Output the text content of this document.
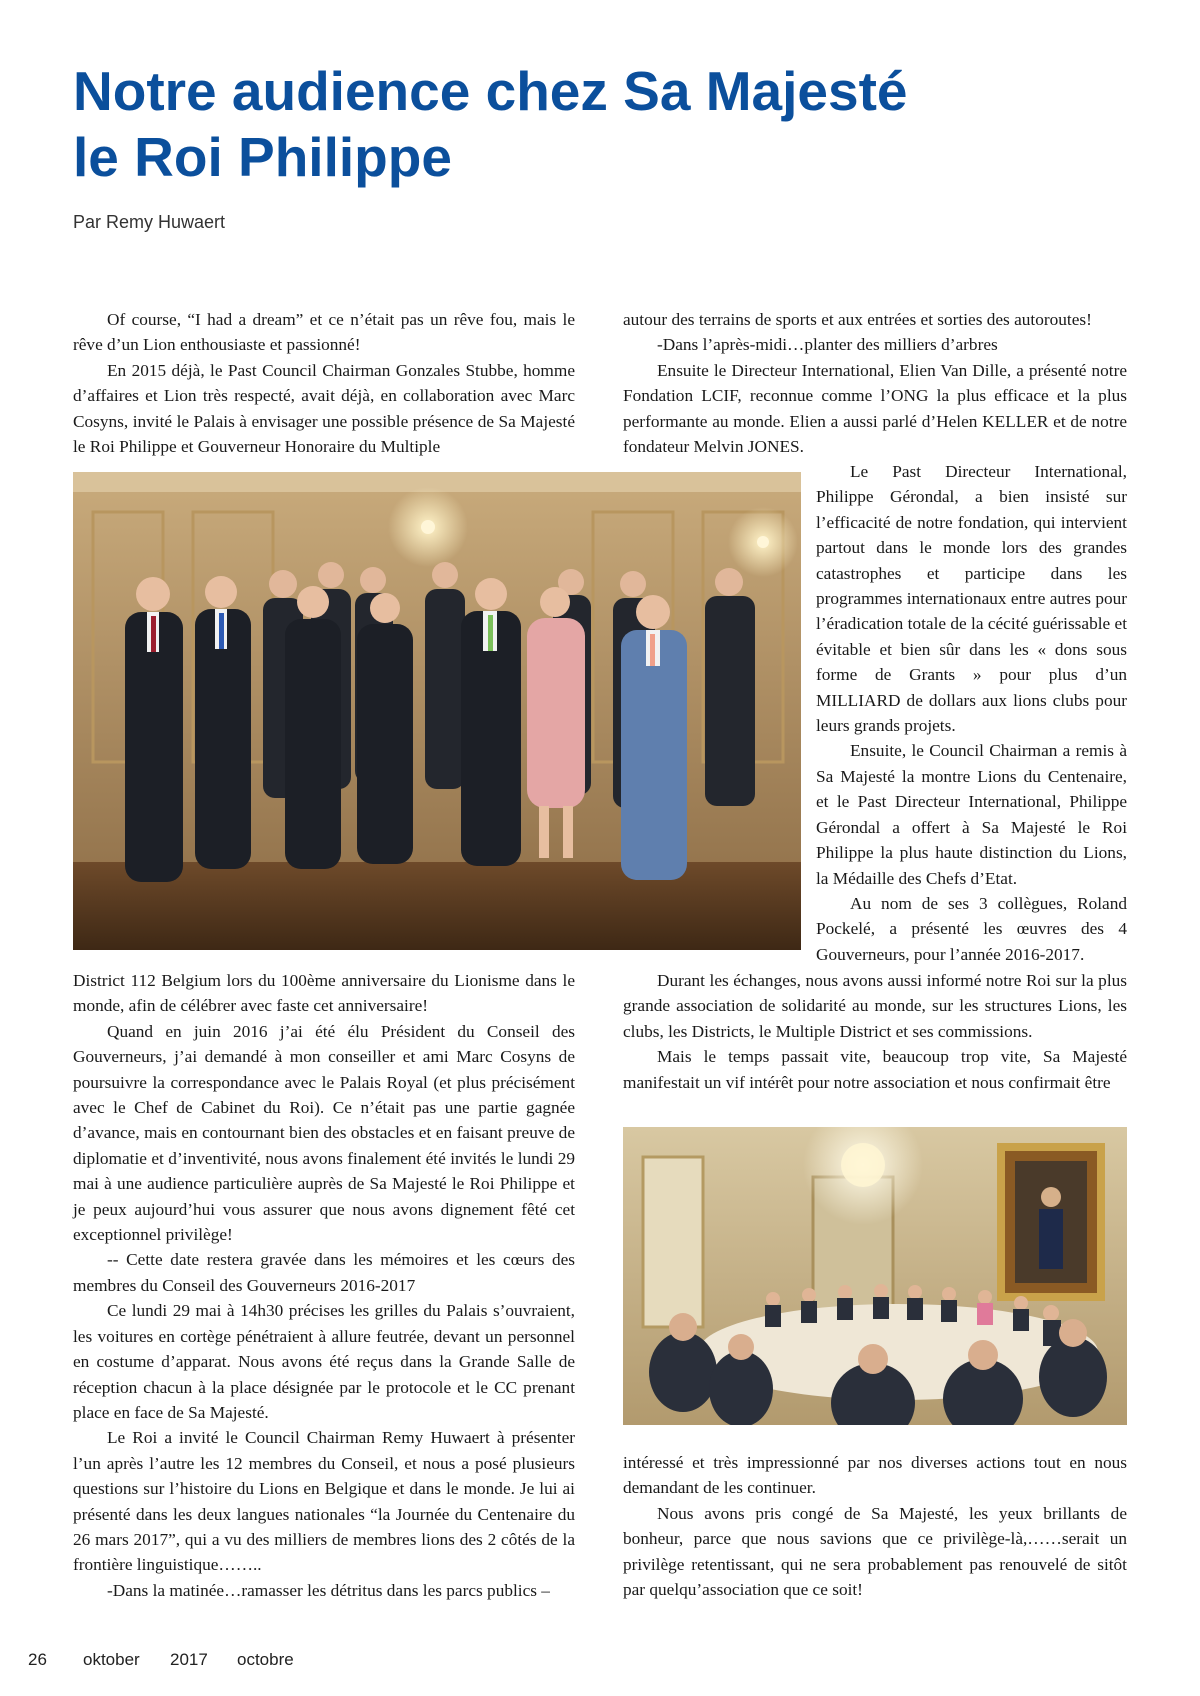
Notre audience chez Sa Majesté
le Roi Philippe

Par Remy Huwaert

Of course, “I had a dream” et ce n’était pas un rêve fou, mais le rêve d’un Lion enthousiaste et passionné!

En 2015 déjà, le Past Council Chairman Gonzales Stubbe, homme d’affaires et Lion très respecté, avait déjà, en collaboration avec Marc Cosyns, invité le Palais à envisager une possible présence de Sa Majesté le Roi Philippe et Gouverneur Honoraire du Multiple

District 112 Belgium lors du 100ème anniversaire du Lionisme dans le monde, afin de célébrer avec faste cet anniversaire!

Quand en juin 2016 j’ai été élu Président du Conseil des Gouverneurs, j’ai demandé à mon conseiller et ami Marc Cosyns de poursuivre la correspondance avec le Palais Royal (et plus précisément avec le Chef de Cabinet du Roi). Ce n’était pas une partie gagnée d’avance, mais en contournant bien des obstacles et en faisant preuve de diplomatie et d’inventivité, nous avons finalement été invités le lundi 29 mai à une audience particulière auprès de Sa Majesté le Roi Philippe et je peux aujourd’hui vous assurer que nous avons dignement fêté cet exceptionnel privilège!

-- Cette date restera gravée dans les mémoires et les cœurs des membres du Conseil des Gouverneurs 2016-2017

Ce lundi 29 mai à 14h30 précises les grilles du Palais s’ouvraient, les voitures en cortège pénétraient à allure feutrée, devant un personnel en costume d’apparat. Nous avons été reçus dans la Grande Salle de réception chacun à la place désignée par le protocole et le CC prenant place en face de Sa Majesté.

Le Roi a invité le Council Chairman Remy Huwaert à présenter l’un après l’autre les 12 membres du Conseil, et nous a posé plusieurs questions sur l’histoire du Lions en Belgique et dans le monde. Je lui ai présenté dans les deux langues nationales “la Journée du Centenaire du 26 mars 2017”, qui a vu des milliers de membres lions des 2 côtés de la frontière linguistique……..

-Dans la matinée…ramasser les détritus dans les parcs publics –

autour des terrains de sports et aux entrées et sorties des autoroutes!

-Dans l’après-midi…planter des milliers d’arbres

Ensuite le Directeur International, Elien Van Dille, a présenté notre Fondation LCIF, reconnue comme l’ONG la plus efficace et la plus performante au monde. Elien a aussi parlé d’Helen KELLER et de notre fondateur Melvin JONES.

Le Past Directeur International, Philippe Gérondal, a bien insisté sur l’efficacité de notre fondation, qui intervient partout dans le monde lors des grandes catastrophes et participe dans les programmes internationaux entre autres pour l’éradication totale de la cécité guérissable et évitable et bien sûr dans les « dons sous forme de Grants » pour plus d’un MILLIARD de dollars aux lions clubs pour leurs grands projets.

Ensuite, le Council Chairman a remis à Sa Majesté la montre Lions du Centenaire, et le Past Directeur International, Philippe Gérondal a offert à Sa Majesté le Roi Philippe la plus haute distinction du Lions, la Médaille des Chefs d’Etat.

Au nom de ses 3 collègues, Roland Pockelé, a présenté les œuvres des 4 Gouverneurs, pour l’année 2016-2017.

Durant les échanges, nous avons aussi informé notre Roi sur la plus grande association de solidarité au monde, sur les structures Lions, les clubs, les Districts, le Multiple District et ses commissions.

Mais le temps passait vite, beaucoup trop vite, Sa Majesté manifestait un vif intérêt pour notre association et nous confirmait être

intéressé et très impressionné par nos diverses actions tout en nous demandant de les continuer.

Nous avons pris congé de Sa Majesté, les yeux brillants de bonheur, parce que nous savions que ce privilège-là,……serait un privilège retentissant, qui ne sera probablement pas renouvelé de sitôt par quelqu’association que ce soit!

26 oktober 2017 octobre
